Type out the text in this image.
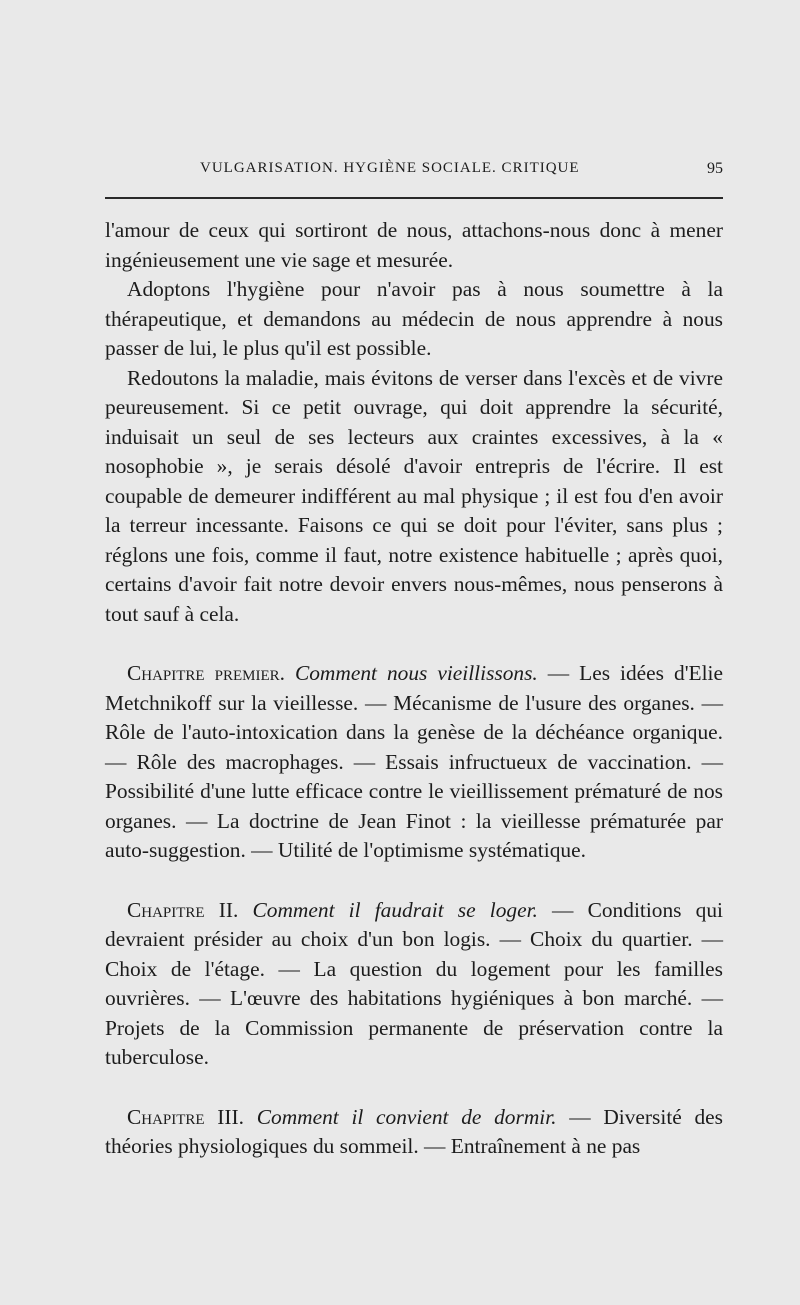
VULGARISATION. HYGIÈNE SOCIALE. CRITIQUE	95

l'amour de ceux qui sortiront de nous, attachons-nous donc à mener ingénieusement une vie sage et mesurée.

Adoptons l'hygiène pour n'avoir pas à nous soumettre à la thérapeutique, et demandons au médecin de nous apprendre à nous passer de lui, le plus qu'il est possible.

Redoutons la maladie, mais évitons de verser dans l'excès et de vivre peureusement. Si ce petit ouvrage, qui doit apprendre la sécurité, induisait un seul de ses lecteurs aux craintes excessives, à la « nosophobie », je serais désolé d'avoir entrepris de l'écrire. Il est coupable de demeurer indifférent au mal physique ; il est fou d'en avoir la terreur incessante. Faisons ce qui se doit pour l'éviter, sans plus ; réglons une fois, comme il faut, notre existence habituelle ; après quoi, certains d'avoir fait notre devoir envers nous-mêmes, nous penserons à tout sauf à cela.

Chapitre premier. Comment nous vieillissons. — Les idées d'Elie Metchnikoff sur la vieillesse. — Mécanisme de l'usure des organes. — Rôle de l'auto-intoxication dans la genèse de la déchéance organique. — Rôle des macrophages. — Essais infructueux de vaccination. — Possibilité d'une lutte efficace contre le vieillissement prématuré de nos organes. — La doctrine de Jean Finot : la vieillesse prématurée par auto-suggestion. — Utilité de l'optimisme systématique.

Chapitre II. Comment il faudrait se loger. — Conditions qui devraient présider au choix d'un bon logis. — Choix du quartier. — Choix de l'étage. — La question du logement pour les familles ouvrières. — L'œuvre des habitations hygiéniques à bon marché. — Projets de la Commission permanente de préservation contre la tuberculose.

Chapitre III. Comment il convient de dormir. — Diversité des théories physiologiques du sommeil. — Entraînement à ne pas
